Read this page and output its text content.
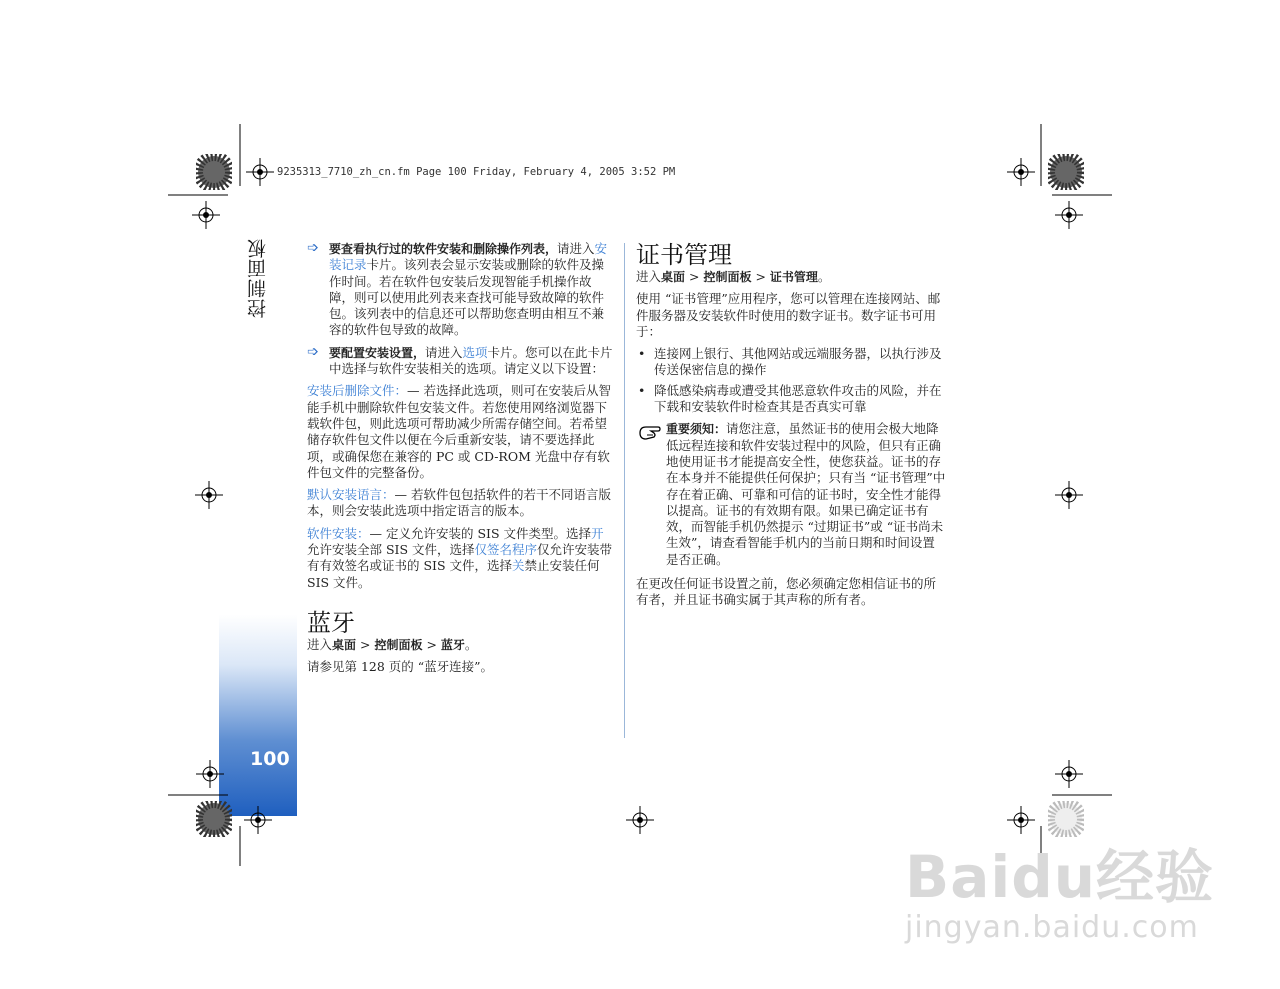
控制面板
100
9235313_7710_zh_cn.fm Page 100 Friday, February 4, 2005 3:52 PM
➩ 要查看执行过的软件安装和删除操作列表，请进入安装记录卡片。该列表会显示安装或删除的软件及操作时间。若在软件包安装后发现智能手机操作故障，则可以使用此列表来查找可能导致故障的软件包。该列表中的信息还可以帮助您查明由相互不兼容的软件包导致的故障。
➩ 要配置安装设置，请进入选项卡片。您可以在此卡片中选择与软件安装相关的选项。请定义以下设置：

安装后删除文件：— 若选择此选项，则可在安装后从智能手机中删除软件包安装文件。若您使用网络浏览器下载软件包，则此选项可帮助减少所需存储空间。若希望储存软件包文件以便在今后重新安装，请不要选择此项，或确保您在兼容的 PC 或 CD-ROM 光盘中存有软件包文件的完整备份。

默认安装语言：— 若软件包包括软件的若干不同语言版本，则会安装此选项中指定语言的版本。

软件安装：— 定义允许安装的 SIS 文件类型。选择开允许安装全部 SIS 文件，选择仅签名程序仅允许安装带有有效签名或证书的 SIS 文件，选择关禁止安装任何 SIS 文件。

蓝牙

进入桌面 > 控制面板 > 蓝牙。

请参见第 128 页的 “蓝牙连接”。

证书管理

进入桌面 > 控制面板 > 证书管理。

使用 “证书管理”应用程序，您可以管理在连接网站、邮件服务器及安装软件时使用的数字证书。数字证书可用于：

• 连接网上银行、其他网站或远端服务器，以执行涉及传送保密信息的操作
• 降低感染病毒或遭受其他恶意软件攻击的风险，并在下载和安装软件时检查其是否真实可靠
重要须知：请您注意，虽然证书的使用会极大地降低远程连接和软件安装过程中的风险，但只有正确地使用证书才能提高安全性，使您获益。证书的存在本身并不能提供任何保护；只有当 “证书管理”中存在着正确、可靠和可信的证书时，安全性才能得以提高。证书的有效期有限。如果已确定证书有效，而智能手机仍然提示 “过期证书”或 “证书尚未生效”，请查看智能手机内的当前日期和时间设置是否正确。

在更改任何证书设置之前，您必须确定您相信证书的所有者，并且证书确实属于其声称的所有者。

Baidu经验
jingyan.baidu.com
